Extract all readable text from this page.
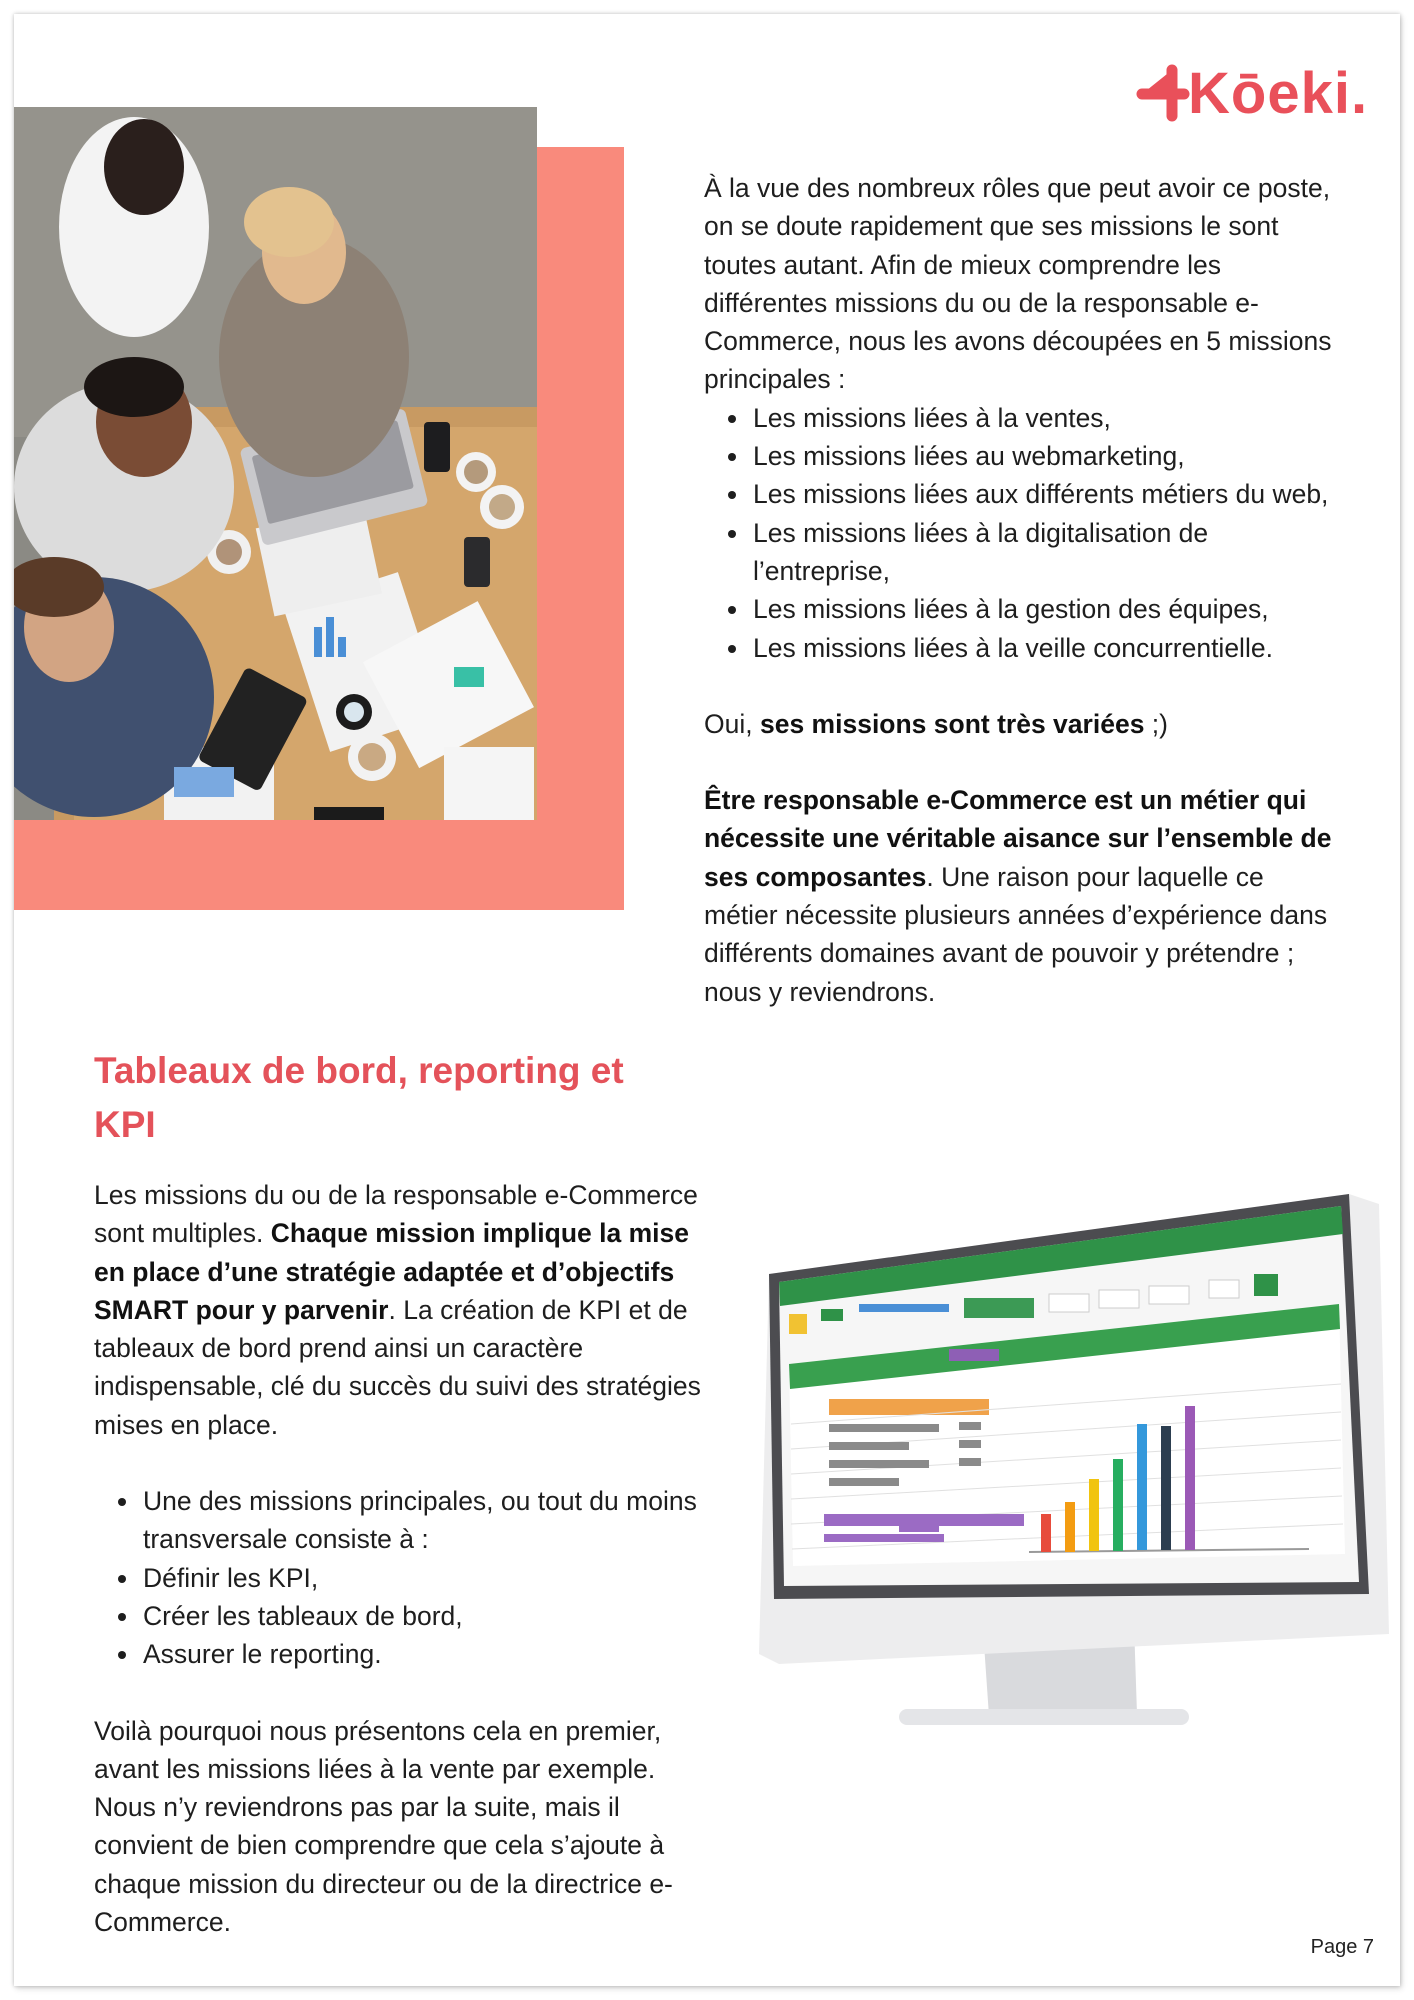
Kōeki.

À la vue des nombreux rôles que peut avoir ce poste, on se doute rapidement que ses missions le sont toutes autant. Afin de mieux comprendre les différentes missions du ou de la responsable e-Commerce, nous les avons découpées en 5 missions principales :

• Les missions liées à la ventes,
• Les missions liées au webmarketing,
• Les missions liées aux différents métiers du web,
• Les missions liées à la digitalisation de l’entreprise,
• Les missions liées à la gestion des équipes,
• Les missions liées à la veille concurrentielle.

Oui, ses missions sont très variées ;)

Être responsable e-Commerce est un métier qui nécessite une véritable aisance sur l’ensemble de ses composantes. Une raison pour laquelle ce métier nécessite plusieurs années d’expérience dans différents domaines avant de pouvoir y prétendre ; nous y reviendrons.

Tableaux de bord, reporting et KPI

Les missions du ou de la responsable e-Commerce sont multiples. Chaque mission implique la mise en place d’une stratégie adaptée et d’objectifs SMART pour y parvenir. La création de KPI et de tableaux de bord prend ainsi un caractère indispensable, clé du succès du suivi des stratégies mises en place.

• Une des missions principales, ou tout du moins transversale consiste à :
• Définir les KPI,
• Créer les tableaux de bord,
• Assurer le reporting.

Voilà pourquoi nous présentons cela en premier, avant les missions liées à la vente par exemple. Nous n’y reviendrons pas par la suite, mais il convient de bien comprendre que cela s’ajoute à chaque mission du directeur ou de la directrice e-Commerce.

Page 7
